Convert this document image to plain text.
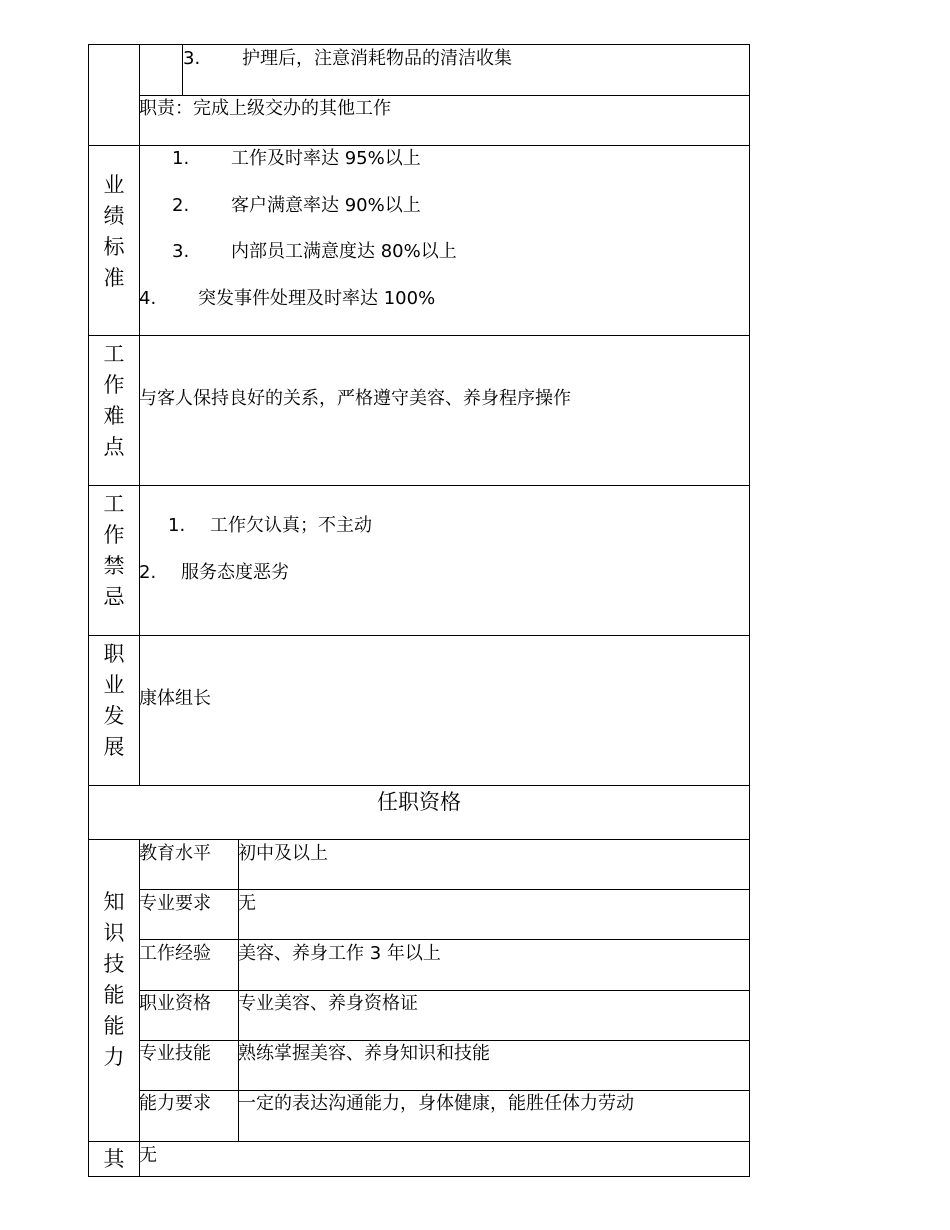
3. 护理后，注意消耗物品的清洁收集
职责：完成上级交办的其他工作
业
绩
标
准
1. 工作及时率达 95%以上
2. 客户满意率达 90%以上
3. 内部员工满意度达 80%以上
4. 突发事件处理及时率达 100%
工
作
难
点
与客人保持良好的关系，严格遵守美容、养身程序操作
工
作
禁
忌
1. 工作欠认真；不主动
2. 服务态度恶劣
职
业
发
展
康体组长
任职资格
知
识
技
能
能
力
教育水平 初中及以上
专业要求 无
工作经验 美容、养身工作 3 年以上
职业资格 专业美容、养身资格证
专业技能 熟练掌握美容、养身知识和技能
能力要求 一定的表达沟通能力，身体健康，能胜任体力劳动
其 无
